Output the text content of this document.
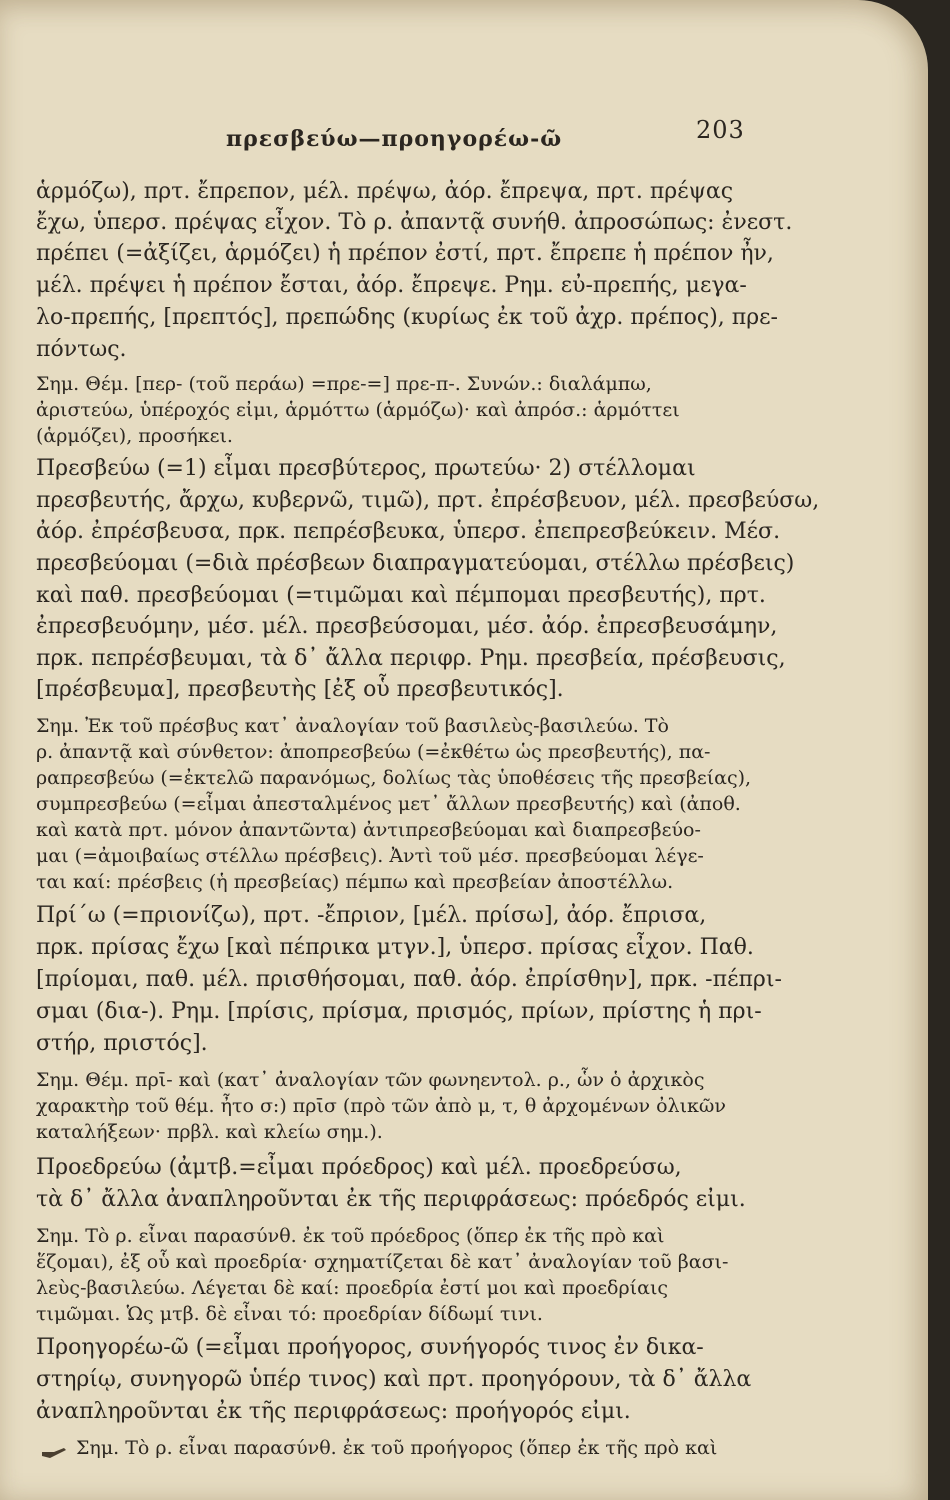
πρεσβεύω—προηγορέω-ῶ	203
ἁρμόζω), πρτ. ἔπρεπον, μέλ. πρέψω, ἀόρ. ἔπρεψα, πρτ. πρέψας
ἔχω, ὑπερσ. πρέψας εἶχον. Τὸ ρ. ἀπαντᾷ συνήθ. ἀπροσώπως: ἐνεστ.
πρέπει (=ἀξίζει, ἁρμόζει) ἡ πρέπον ἐστί, πρτ. ἔπρεπε ἡ πρέπον ἦν,
μέλ. πρέψει ἡ πρέπον ἔσται, ἀόρ. ἔπρεψε. Ρημ. εὐ-πρεπής, μεγα-
λο-πρεπής, [πρεπτός], πρεπώδης (κυρίως ἐκ τοῦ ἀχρ. πρέπος), πρε-
πόντως.
Σημ. Θέμ. [περ- (τοῦ περάω) =πρε-=] πρε-π-. Συνών.: διαλάμπω,
ἀριστεύω, ὑπέροχός εἰμι, ἁρμόττω (ἁρμόζω)· καὶ ἀπρόσ.: ἁρμόττει
(ἁρμόζει), προσήκει.
Πρεσβεύω (=1) εἶμαι πρεσβύτερος, πρωτεύω· 2) στέλλομαι
πρεσβευτής, ἄρχω, κυβερνῶ, τιμῶ), πρτ. ἐπρέσβευον, μέλ. πρεσβεύσω,
ἀόρ. ἐπρέσβευσα, πρκ. πεπρέσβευκα, ὑπερσ. ἐπεπρεσβεύκειν. Μέσ.
πρεσβεύομαι (=διὰ πρέσβεων διαπραγματεύομαι, στέλλω πρέσβεις)
καὶ παθ. πρεσβεύομαι (=τιμῶμαι καὶ πέμπομαι πρεσβευτής), πρτ.
ἐπρεσβευόμην, μέσ. μέλ. πρεσβεύσομαι, μέσ. ἀόρ. ἐπρεσβευσάμην,
πρκ. πεπρέσβευμαι, τὰ δ᾽ ἄλλα περιφρ. Ρημ. πρεσβεία, πρέσβευσις,
[πρέσβευμα], πρεσβευτὴς [ἐξ οὗ πρεσβευτικός].
Σημ. Ἐκ τοῦ πρέσβυς κατ᾽ ἀναλογίαν τοῦ βασιλεὺς-βασιλεύω. Τὸ
ρ. ἀπαντᾷ καὶ σύνθετον: ἀποπρεσβεύω (=ἐκθέτω ὡς πρεσβευτής), πα-
ραπρεσβεύω (=ἐκτελῶ παρανόμως, δολίως τὰς ὑποθέσεις τῆς πρεσβείας),
συμπρεσβεύω (=εἶμαι ἀπεσταλμένος μετ᾽ ἄλλων πρεσβευτής) καὶ (ἀποθ.
καὶ κατὰ πρτ. μόνον ἀπαντῶντα) ἀντιπρεσβεύομαι καὶ διαπρεσβεύο-
μαι (=ἀμοιβαίως στέλλω πρέσβεις). Ἀντὶ τοῦ μέσ. πρεσβεύομαι λέγε-
ται καί: πρέσβεις (ἡ πρεσβείας) πέμπω καὶ πρεσβείαν ἀποστέλλω.
Πρί΄ω (=πριονίζω), πρτ. -ἔπριον, [μέλ. πρίσω], ἀόρ. ἔπρισα,
πρκ. πρίσας ἔχω [καὶ πέπρικα μτγν.], ὑπερσ. πρίσας εἶχον. Παθ.
[πρίομαι, παθ. μέλ. πρισθήσομαι, παθ. ἀόρ. ἐπρίσθην], πρκ. -πέπρι-
σμαι (δια-). Ρημ. [πρίσις, πρίσμα, πρισμός, πρίων, πρίστης ἡ πρι-
στήρ, πριστός].
Σημ. Θέμ. πρῑ- καὶ (κατ᾽ ἀναλογίαν τῶν φωνηεντολ. ρ., ὧν ὁ ἀρχικὸς
χαρακτὴρ τοῦ θέμ. ἦτο σ:) πρῑσ (πρὸ τῶν ἀπὸ μ, τ, θ ἀρχομένων ὀλικῶν
καταλήξεων· πρβλ. καὶ κλείω σημ.).
Προεδρεύω (ἀμτβ.=εἶμαι πρόεδρος) καὶ μέλ. προεδρεύσω,
τὰ δ᾽ ἄλλα ἀναπληροῦνται ἐκ τῆς περιφράσεως: πρόεδρός εἰμι.
Σημ. Τὸ ρ. εἶναι παρασύνθ. ἐκ τοῦ πρόεδρος (ὅπερ ἐκ τῆς πρὸ καὶ
ἕζομαι), ἐξ οὗ καὶ προεδρία· σχηματίζεται δὲ κατ᾽ ἀναλογίαν τοῦ βασι-
λεὺς-βασιλεύω. Λέγεται δὲ καί: προεδρία ἐστί μοι καὶ προεδρίαις
τιμῶμαι. Ὡς μτβ. δὲ εἶναι τό: προεδρίαν δίδωμί τινι.
Προηγορέω-ῶ (=εἶμαι προήγορος, συνήγορός τινος ἐν δικα-
στηρίῳ, συνηγορῶ ὑπέρ τινος) καὶ πρτ. προηγόρουν, τὰ δ᾽ ἄλλα
ἀναπληροῦνται ἐκ τῆς περιφράσεως: προήγορός εἰμι.
Σημ. Τὸ ρ. εἶναι παρασύνθ. ἐκ τοῦ προήγορος (ὅπερ ἐκ τῆς πρὸ καὶ
